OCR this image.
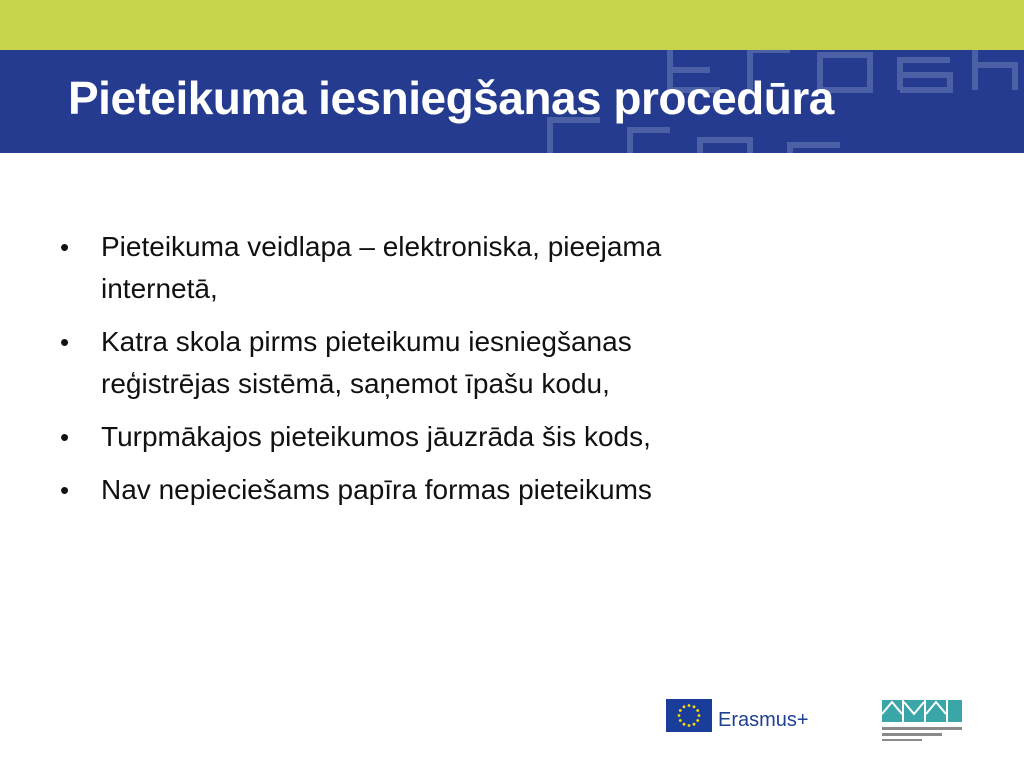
Pieteikuma iesniegšanas procedūra
• Pieteikuma veidlapa – elektroniska, pieejama
internetā,
• Katra skola pirms pieteikumu iesniegšanas
reģistrējas sistēmā, saņemot īpašu kodu,
• Turpmākajos pieteikumos jāuzrāda šis kods,
• Nav nepieciešams papīra formas pieteikums
Erasmus+
